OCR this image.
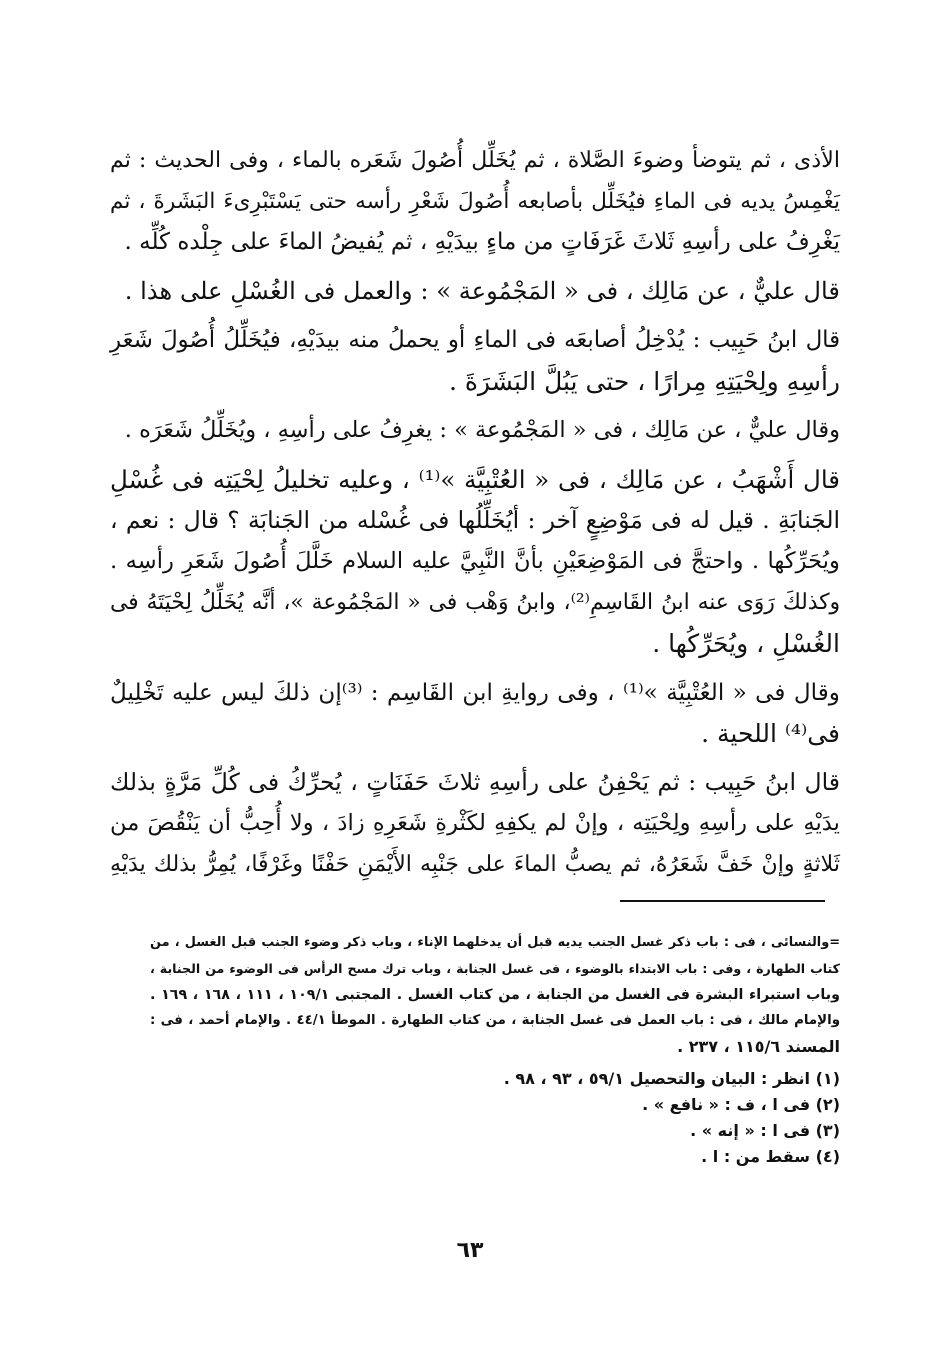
الأذى ، ثم يتوضأ وضوءَ الصَّلاة ، ثم يُخَلِّل أُصُولَ شَعَره بالماء ، وفى الحديث : ثم
يَغْمِسُ يديه فى الماءِ فيُخَلِّل بأصابعه أُصُولَ شَعْرِ رأسه حتى يَسْتَبْرِىءَ البَشَرةَ ، ثم
يَغْرِفُ على رأسِهِ ثَلاثَ غَرَفَاتٍ من ماءٍ بيدَيْهِ ، ثم يُفيضُ الماءَ على جِلْده كُلِّه .
قال عليٌّ ، عن مَالِك ، فى « المَجْمُوعة » : والعمل فى الغُسْلِ على هذا .
قال ابنُ حَبِيب : يُدْخِلُ أصابعَه فى الماءِ أو يحملُ منه بيدَيْهِ، فيُخَلِّلُ أُصُولَ شَعَرِ
رأسِهِ ولِحْيَتِهِ مِرارًا ، حتى يَبُلَّ البَشَرَةَ .
وقال عليٌّ ، عن مَالِك ، فى « المَجْمُوعة » : يغرِفُ على رأسِهِ ، ويُخَلِّلُ شَعَرَه .
قال أَشْهَبُ ، عن مَالِك ، فى « العُتْبِيَّة »⁽¹⁾ ، وعليه تخليلُ لِحْيَتِه فى غُسْلِ
الجَنابَةِ . قيل له فى مَوْضِعٍ آخر : أيُخَلِّلُها فى غُسْله من الجَنابَة ؟ قال : نعم ،
ويُحَرِّكُها . واحتجَّ فى المَوْضِعَيْنِ بأنَّ النَّبِيَّ عليه السلام خَلَّلَ أُصُولَ شَعَرِ رأسِه .
وكذلكَ رَوَى عنه ابنُ القَاسِمِ⁽²⁾، وابنُ وَهْب فى « المَجْمُوعة »، أنَّه يُخَلِّلُ لِحْيَتَهُ فى
الغُسْلِ ، ويُحَرِّكُها .
وقال فى « العُتْبِيَّة »⁽¹⁾ ، وفى روايةِ ابن القَاسِم : ⁽³⁾إن ذلكَ ليس عليه تَخْلِيلٌ
فى⁽⁴⁾ اللحية .
قال ابنُ حَبِيب : ثم يَحْفِنُ على رأسِهِ ثلاثَ حَفَنَاتٍ ، يُحرِّكُ فى كُلِّ مَرَّةٍ بذلك
يدَيْهِ على رأسِهِ ولِحْيَتِه ، وإنْ لم يكفِهِ لكَثْرةِ شَعَرِهِ زادَ ، ولا أُحِبُّ أن يَنْقُصَ من
ثَلاثةٍ وإنْ خَفَّ شَعَرُهُ، ثم يصبُّ الماءَ على جَنْبِه الأَيْمَنِ حَفْنًا وغَرْفًا، يُمِرُّ بذلك يدَيْهِ
=والنسائى ، فى : باب ذكر غسل الجنب يديه قبل أن يدخلهما الإناء ، وباب ذكر وضوء الجنب قبل الغسل ، من
كتاب الطهارة ، وفى : باب الابتداء بالوضوء ، فى غسل الجنابة ، وباب ترك مسح الرأس فى الوضوء من الجنابة ،
وباب استبراء البشرة فى الغسل من الجنابة ، من كتاب الغسل . المجتبى ١٠٩/١ ، ١١١ ، ١٦٨ ، ١٦٩ .
والإمام مالك ، فى : باب العمل فى غسل الجنابة ، من كتاب الطهارة . الموطأ ٤٤/١ . والإمام أحمد ، فى :
المسند ١١٥/٦ ، ٢٣٧ .
(١) انظر : البيان والتحصيل ٥٩/١ ، ٩٣ ، ٩٨ .
(٢) فى ا ، ف : « نافع » .
(٣) فى ا : « إنه » .
(٤) سقط من : ا .
٦٣
